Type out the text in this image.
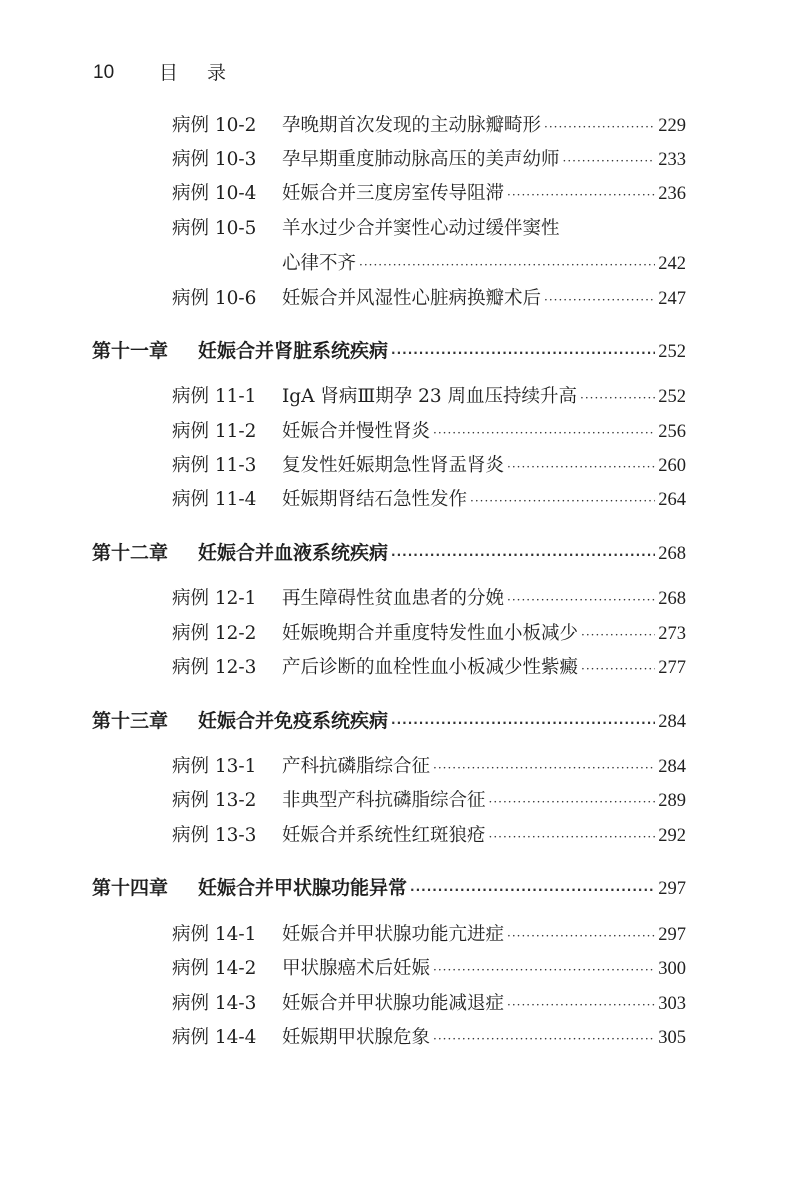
10	目	录
病例 10-2	孕晚期首次发现的主动脉瓣畸形 ·····	229
病例 10-3	孕早期重度肺动脉高压的美声幼师 ·····	233
病例 10-4	妊娠合并三度房室传导阻滞 ·····	236
病例 10-5	羊水过少合并窦性心动过缓伴窦性
心律不齐 ·····	242
病例 10-6	妊娠合并风湿性心脏病换瓣术后 ·····	247
第十一章	妊娠合并肾脏系统疾病 ·····	252
病例 11-1	IgA 肾病Ⅲ期孕 23 周血压持续升高 ·····	252
病例 11-2	妊娠合并慢性肾炎 ·····	256
病例 11-3	复发性妊娠期急性肾盂肾炎 ·····	260
病例 11-4	妊娠期肾结石急性发作 ·····	264
第十二章	妊娠合并血液系统疾病 ·····	268
病例 12-1	再生障碍性贫血患者的分娩 ·····	268
病例 12-2	妊娠晚期合并重度特发性血小板减少 ·····	273
病例 12-3	产后诊断的血栓性血小板减少性紫癜 ·····	277
第十三章	妊娠合并免疫系统疾病 ·····	284
病例 13-1	产科抗磷脂综合征 ·····	284
病例 13-2	非典型产科抗磷脂综合征 ·····	289
病例 13-3	妊娠合并系统性红斑狼疮 ·····	292
第十四章	妊娠合并甲状腺功能异常 ·····	297
病例 14-1	妊娠合并甲状腺功能亢进症 ·····	297
病例 14-2	甲状腺癌术后妊娠 ·····	300
病例 14-3	妊娠合并甲状腺功能减退症 ·····	303
病例 14-4	妊娠期甲状腺危象 ·····	305
